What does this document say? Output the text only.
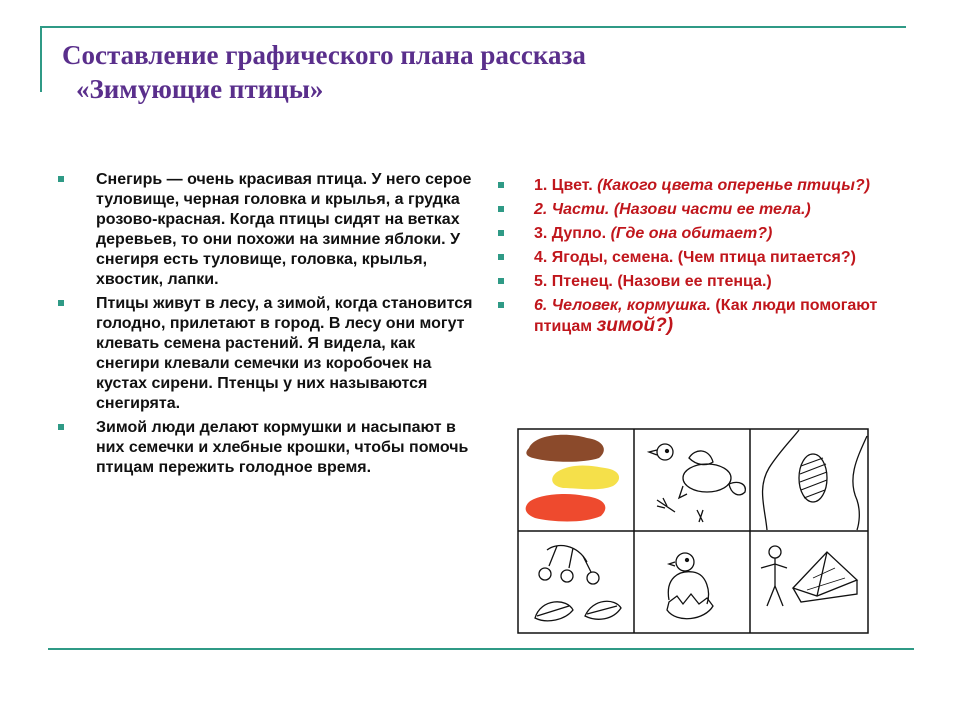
Составление графического плана рассказа
«Зимующие птицы»
Снегирь — очень красивая птица. У него серое туловище, черная головка и крылья, а грудка розово-красная. Когда птицы сидят на ветках деревьев, то они похожи на зимние яблоки. У снегиря есть туловище, головка, крылья, хвостик, лапки.
Птицы живут в лесу, а зимой, когда становится голодно, прилетают в город. В лесу они могут клевать семена растений. Я видела, как снегири клевали семечки из коробочек на кустах сирени. Птенцы у них называются снегирята.
Зимой люди делают кормушки и насыпают в них семечки и хлебные крошки, чтобы помочь птицам пережить голодное время.
1. Цвет. (Какого цвета оперенье птицы?)
2. Части. (Назови части ее тела.)
3. Дупло. (Где она обитает?)
4. Ягоды, семена. (Чем птица питается?)
5. Птенец. (Назови ее птенца.)
6. Человек, кормушка. (Как люди помогают птицам зимой?)
